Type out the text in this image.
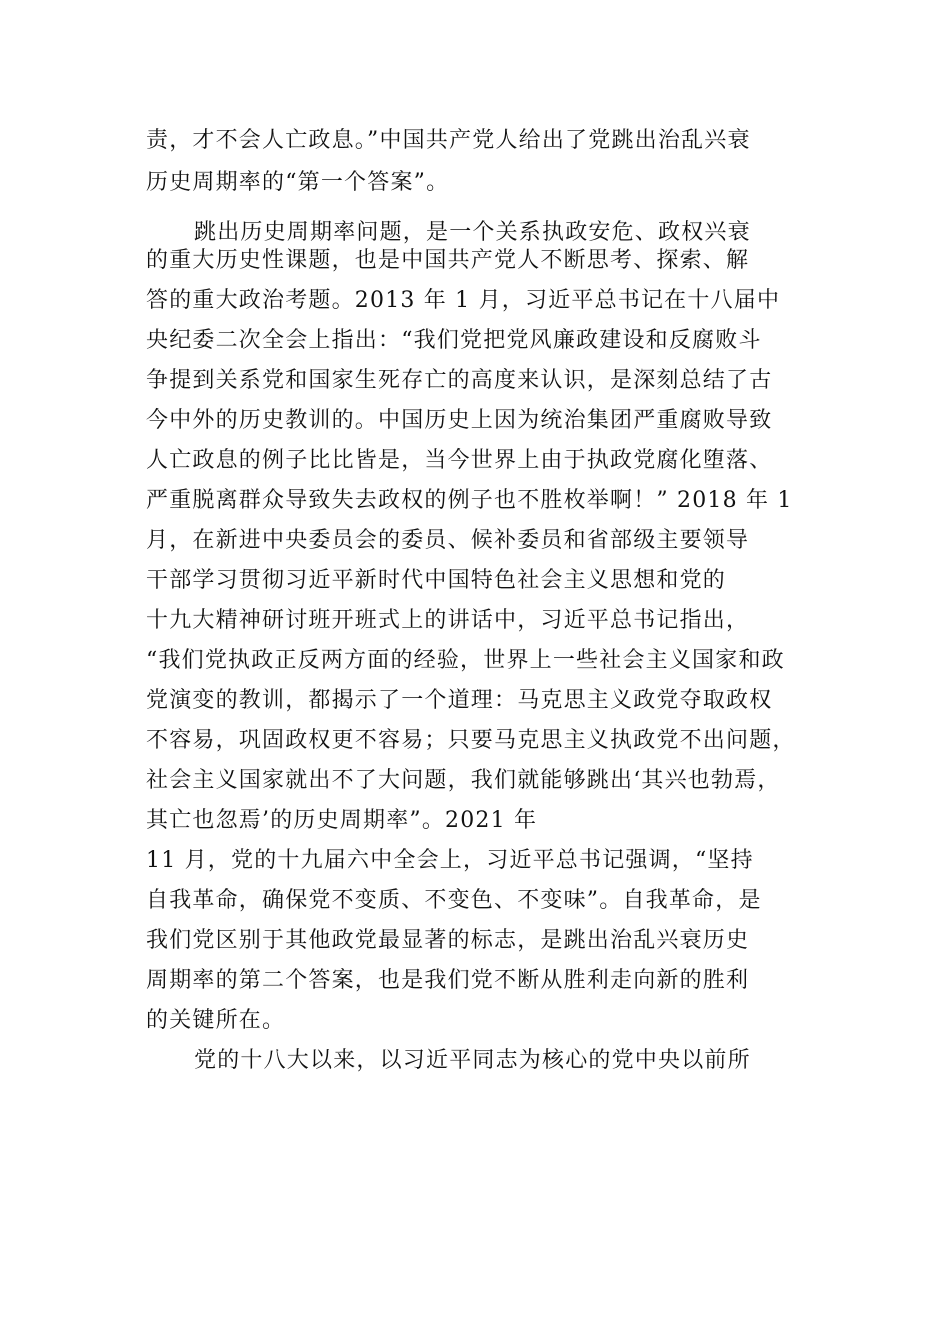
责，才不会人亡政息。”中国共产党人给出了党跳出治乱兴衰
历史周期率的“第一个答案”。
跳出历史周期率问题，是一个关系执政安危、政权兴衰
的重大历史性课题，也是中国共产党人不断思考、探索、解
答的重大政治考题。2013 年 1 月，习近平总书记在十八届中
央纪委二次全会上指出：“我们党把党风廉政建设和反腐败斗
争提到关系党和国家生死存亡的高度来认识，是深刻总结了古
今中外的历史教训的。中国历史上因为统治集团严重腐败导致
人亡政息的例子比比皆是，当今世界上由于执政党腐化堕落、
严重脱离群众导致失去政权的例子也不胜枚举啊！” 2018 年 1
月，在新进中央委员会的委员、候补委员和省部级主要领导
干部学习贯彻习近平新时代中国特色社会主义思想和党的
十九大精神研讨班开班式上的讲话中，习近平总书记指出，
“我们党执政正反两方面的经验，世界上一些社会主义国家和政
党演变的教训，都揭示了一个道理：马克思主义政党夺取政权
不容易，巩固政权更不容易；只要马克思主义执政党不出问题，
社会主义国家就出不了大问题，我们就能够跳出‘其兴也勃焉，
其亡也忽焉’的历史周期率”。2021 年
11 月，党的十九届六中全会上，习近平总书记强调，“坚持
自我革命，确保党不变质、不变色、不变味”。自我革命，是
我们党区别于其他政党最显著的标志，是跳出治乱兴衰历史
周期率的第二个答案，也是我们党不断从胜利走向新的胜利
的关键所在。
党的十八大以来，以习近平同志为核心的党中央以前所
